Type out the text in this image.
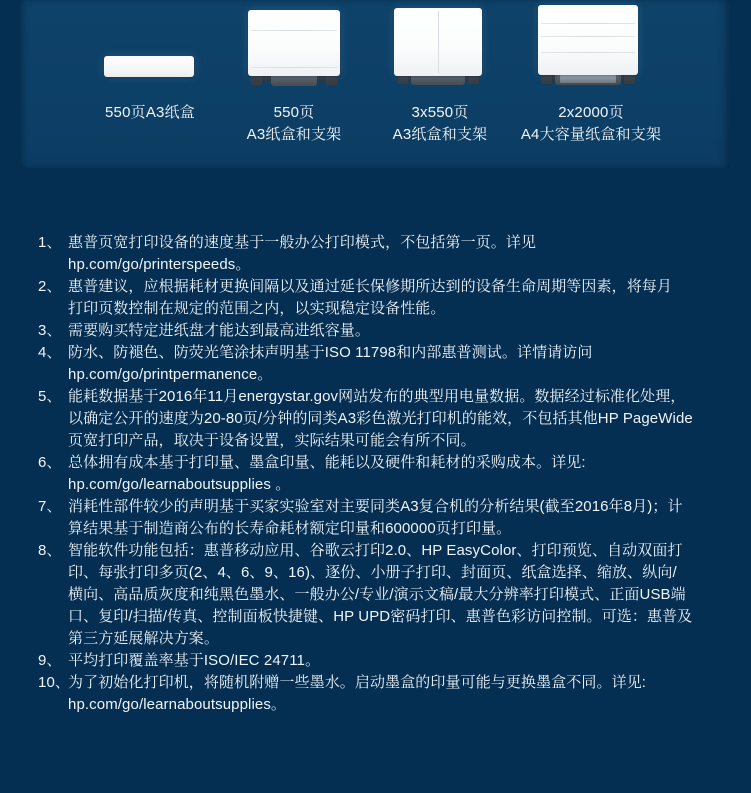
550页A3纸盒	550页
A3纸盒和支架
3x550页
A3纸盒和支架
2x2000页
A4大容量纸盒和支架
1、 惠普页宽打印设备的速度基于一般办公打印模式，不包括第一页。详见
hp.com/go/printerspeeds。
2、 惠普建议，应根据耗材更换间隔以及通过延长保修期所达到的设备生命周期等因素，将每月
打印页数控制在规定的范围之内，以实现稳定设备性能。
3、 需要购买特定进纸盘才能达到最高进纸容量。
4、 防水、防褪色、防荧光笔涂抹声明基于ISO 11798和内部惠普测试。详情请访问
hp.com/go/printpermanence。
5、 能耗数据基于2016年11月energystar.gov网站发布的典型用电量数据。数据经过标准化处理，
以确定公开的速度为20-80页/分钟的同类A3彩色激光打印机的能效，不包括其他HP PageWide
页宽打印产品，取决于设备设置，实际结果可能会有所不同。
6、 总体拥有成本基于打印量、墨盒印量、能耗以及硬件和耗材的采购成本。详见:
hp.com/go/learnaboutsupplies 。
7、 消耗性部件较少的声明基于买家实验室对主要同类A3复合机的分析结果(截至2016年8月)；计
算结果基于制造商公布的长寿命耗材额定印量和600000页打印量。
8、 智能软件功能包括：惠普移动应用、谷歌云打印2.0、HP EasyColor、打印预览、自动双面打
印、每张打印多页(2、4、6、9、16)、逐份、小册子打印、封面页、纸盒选择、缩放、纵向/
横向、高品质灰度和纯黑色墨水、一般办公/专业/演示文稿/最大分辨率打印模式、正面USB端
口、复印/扫描/传真、控制面板快捷键、HP UPD密码打印、惠普色彩访问控制。可选：惠普及
第三方延展解决方案。
9、 平均打印覆盖率基于ISO/IEC 24711。
10、
为了初始化打印机，将随机附赠一些墨水。启动墨盒的印量可能与更换墨盒不同。详见:
hp.com/go/learnaboutsupplies。
